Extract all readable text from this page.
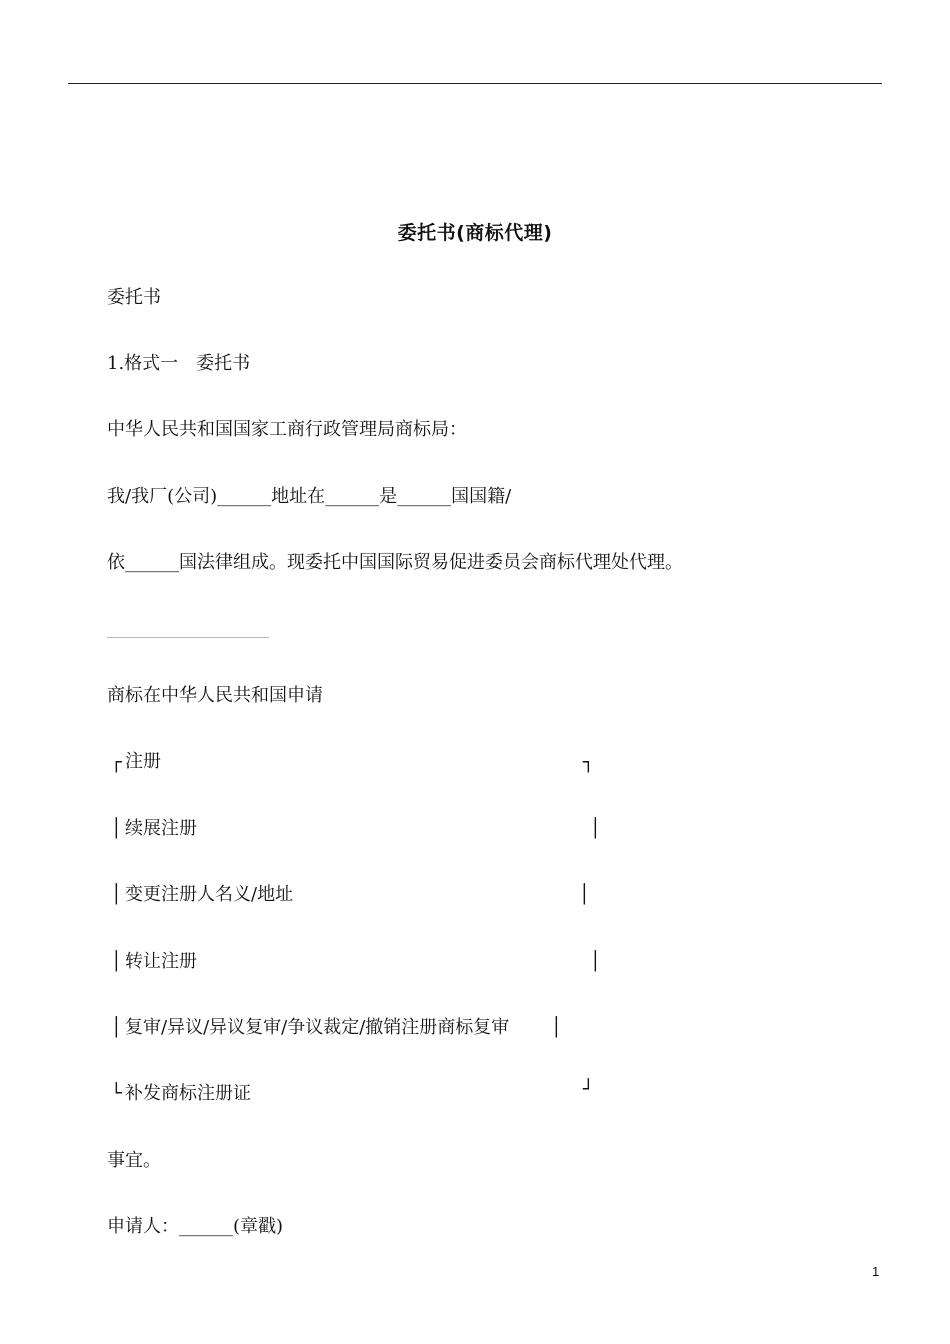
委托书(商标代理)
委托书
1.格式一　委托书
中华人民共和国国家工商行政管理局商标局：
我/我厂(公司)______地址在______是______国国籍/
依______国法律组成。现委托中国国际贸易促进委员会商标代理处代理。
商标在中华人民共和国申请
┌ 注册	┐
│ 续展注册	│
│ 变更注册人名义/地址	│
│ 转让注册	│
│ 复审/异议/异议复审/争议裁定/撤销注册商标复审 │
└ 补发商标注册证	┘
事宜。
申请人：______(章戳)
1
